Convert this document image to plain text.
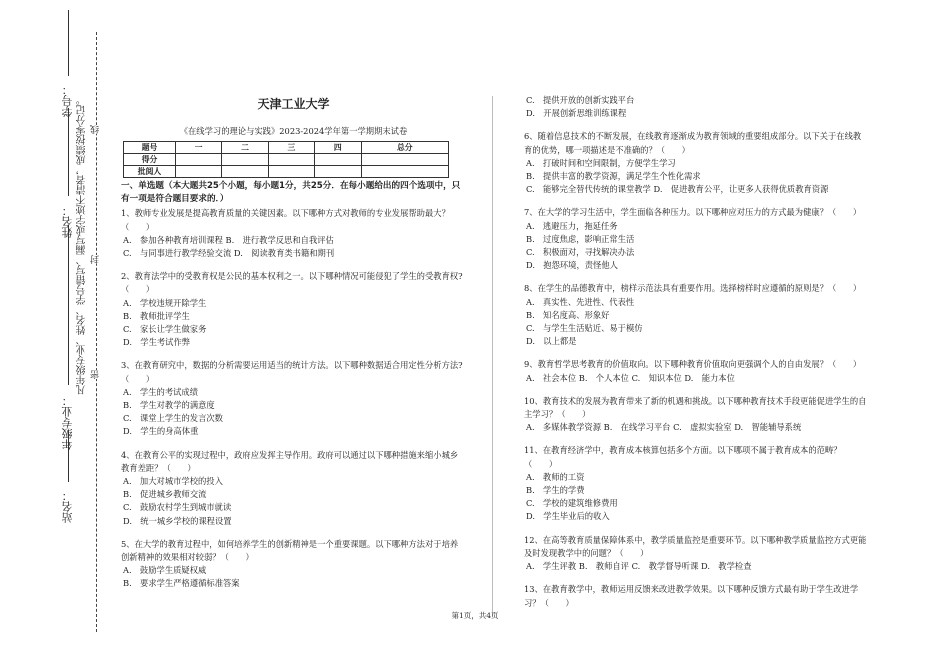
学号：
姓名：
年级专业：
站名：
凡年级专业、姓名、学号错写、漏写或字迹不清者，成绩按零分记。 线
封
密
天津工业大学
《在线学习的理论与实践》2023-2024学年第一学期期末试卷
题号	一	二	三	四	总分
得分					
批阅人					
一、单选题（本大题共25个小题，每小题1分，共25分．在每小题给出的四个选项中，只有一项是符合题目要求的．）
1、教师专业发展是提高教育质量的关键因素。以下哪种方式对教师的专业发展帮助最大？（　　）
A.　参加各种教育培训课程 B.　进行教学反思和自我评估
C.　与同事进行教学经验交流 D.　阅读教育类书籍和期刊
2、教育法学中的受教育权是公民的基本权利之一。以下哪种情况可能侵犯了学生的受教育权?（　　）
A.　学校违规开除学生
B.　教师批评学生
C.　家长让学生做家务
D.　学生考试作弊
3、在教育研究中，数据的分析需要运用适当的统计方法。以下哪种数据适合用定性分析方法?（　　）
A.　学生的考试成绩
B.　学生对教学的满意度
C.　课堂上学生的发言次数
D.　学生的身高体重
4、在教育公平的实现过程中，政府应发挥主导作用。政府可以通过以下哪种措施来缩小城乡教育差距？（　　）
A.　加大对城市学校的投入
B.　促进城乡教师交流
C.　鼓励农村学生到城市就读
D.　统一城乡学校的课程设置
5、在大学的教育过程中，如何培养学生的创新精神是一个重要课题。以下哪种方法对于培养创新精神的效果相对较弱？（　　）
A.　鼓励学生质疑权威
B.　要求学生严格遵循标准答案
C.　提供开放的创新实践平台
D.　开展创新思维训练课程
6、随着信息技术的不断发展，在线教育逐渐成为教育领域的重要组成部分。以下关于在线教育的优势，哪一项描述是不准确的？（　　）
A.　打破时间和空间限制，方便学生学习
B.　提供丰富的教学资源，满足学生个性化需求
C.　能够完全替代传统的课堂教学 D.　促进教育公平，让更多人获得优质教育资源
7、在大学的学习生活中，学生面临各种压力。以下哪种应对压力的方式最为健康？（　　）
A.　逃避压力，拖延任务
B.　过度焦虑，影响正常生活
C.　积极面对，寻找解决办法
D.　抱怨环境，责怪他人
8、在学生的品德教育中，榜样示范法具有重要作用。选择榜样时应遵循的原则是？（　　）
A.　真实性、先进性、代表性
B.　知名度高、形象好
C.　与学生生活贴近、易于模仿
D.　以上都是
9、教育哲学思考教育的价值取向。以下哪种教育价值取向更强调个人的自由发展？（　　）
A.　社会本位 B.　个人本位 C.　知识本位 D.　能力本位
10、教育技术的发展为教育带来了新的机遇和挑战。以下哪种教育技术手段更能促进学生的自主学习？（　　）
A.　多媒体教学资源 B.　在线学习平台 C.　虚拟实验室 D.　智能辅导系统
11、在教育经济学中，教育成本核算包括多个方面。以下哪项不属于教育成本的范畴？（　　）
A.　教师的工资
B.　学生的学费
C.　学校的建筑维修费用
D.　学生毕业后的收入
12、在高等教育质量保障体系中，教学质量监控是重要环节。以下哪种教学质量监控方式更能及时发现教学中的问题？（　　）
A.　学生评教 B.　教师自评 C.　教学督导听课 D.　教学检查
13、在教育教学中，教师运用反馈来改进教学效果。以下哪种反馈方式最有助于学生改进学习？（　　）
第1页，共4页
